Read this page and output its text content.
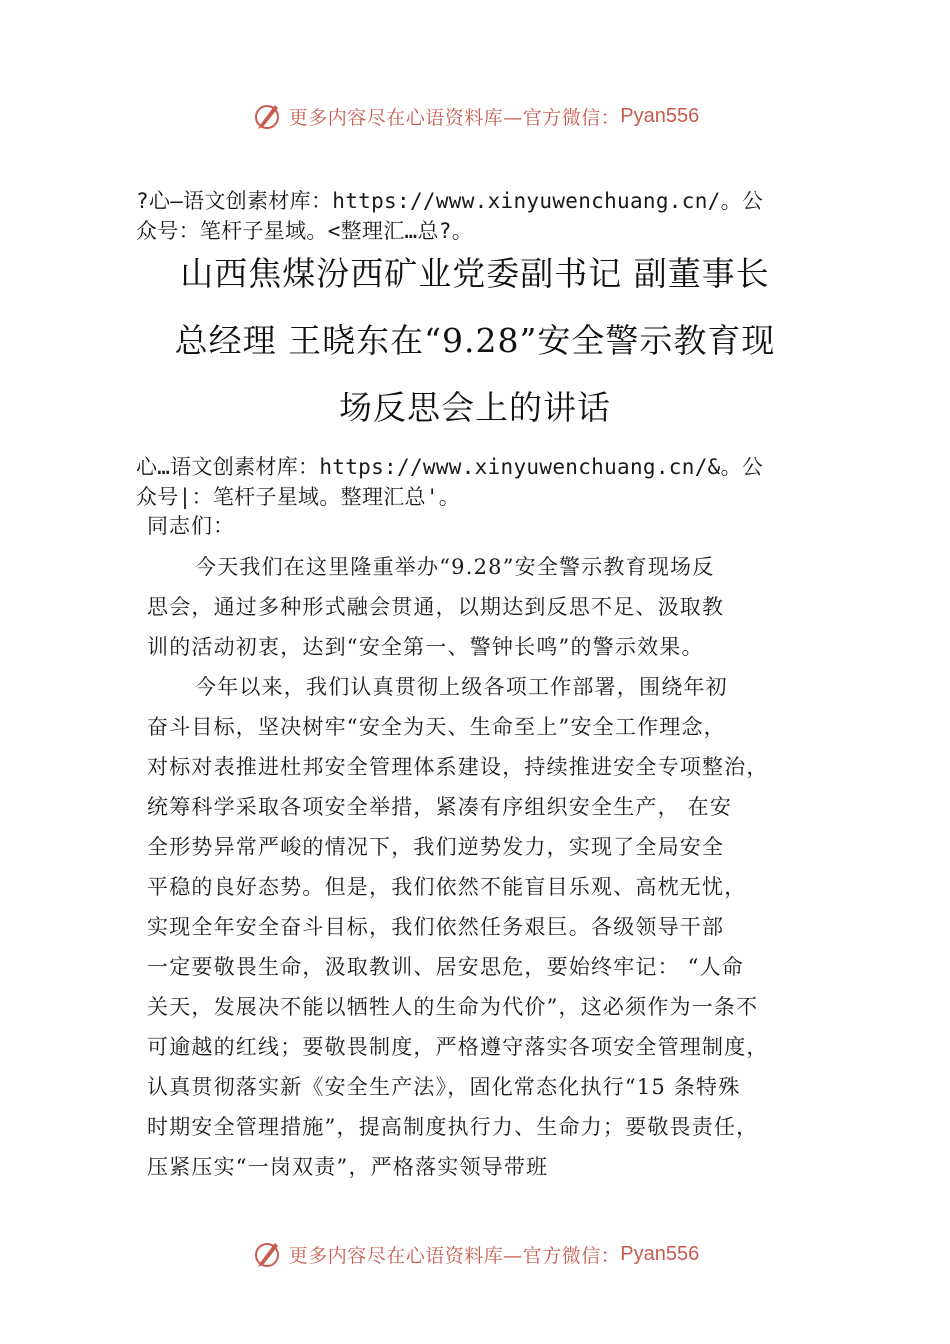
更多内容尽在心语资料库—官方微信： Pyan556
?心—语文创素材库：https://www.xinyuwenchuang.cn/。公
众号：笔杆子星域。<整理汇…总?。
山西焦煤汾西矿业党委副书记 副董事长
总经理 王晓东在“9.28”安全警示教育现
场反思会上的讲话
心…语文创素材库：https://www.xinyuwenchuang.cn/&。公
众号|：笔杆子星域。整理汇总'。
同志们：
今天我们在这里隆重举办“9.28”安全警示教育现场反
思会，通过多种形式融会贯通，以期达到反思不足、汲取教
训的活动初衷，达到“安全第一、警钟长鸣”的警示效果。
今年以来，我们认真贯彻上级各项工作部署，围绕年初
奋斗目标，坚决树牢“安全为天、生命至上”安全工作理念，
对标对表推进杜邦安全管理体系建设，持续推进安全专项整治，
统筹科学采取各项安全举措，紧凑有序组织安全生产， 在安
全形势异常严峻的情况下，我们逆势发力，实现了全局安全
平稳的良好态势。但是，我们依然不能盲目乐观、高枕无忧，
实现全年安全奋斗目标，我们依然任务艰巨。各级领导干部
一定要敬畏生命，汲取教训、居安思危，要始终牢记： “人命
关天，发展决不能以牺牲人的生命为代价”，这必须作为一条不
可逾越的红线；要敬畏制度，严格遵守落实各项安全管理制度，
认真贯彻落实新《安全生产法》，固化常态化执行“15 条特殊
时期安全管理措施”，提高制度执行力、生命力；要敬畏责任，
压紧压实“一岗双责”，严格落实领导带班
更多内容尽在心语资料库—官方微信： Pyan556
